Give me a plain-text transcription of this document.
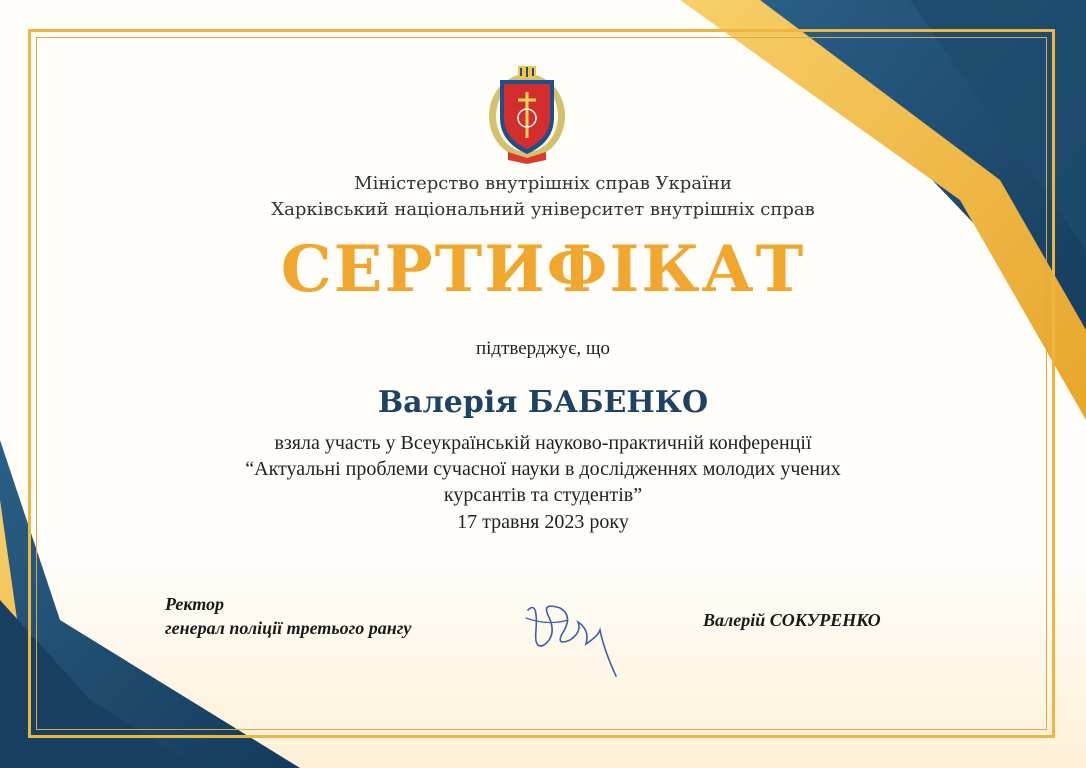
Міністерство внутрішніх справ України
Харківський національний університет внутрішніх справ
СЕРТИФІКАТ
підтверджує, що
Валерія БАБЕНКО
взяла участь у Всеукраїнській науково-практичній конференції
“Актуальні проблеми сучасної науки в дослідженнях молодих учених
курсантів та студентів”
17 травня 2023 року
Ректор
генерал поліції третього рангу	Валерій СОКУРЕНКО
